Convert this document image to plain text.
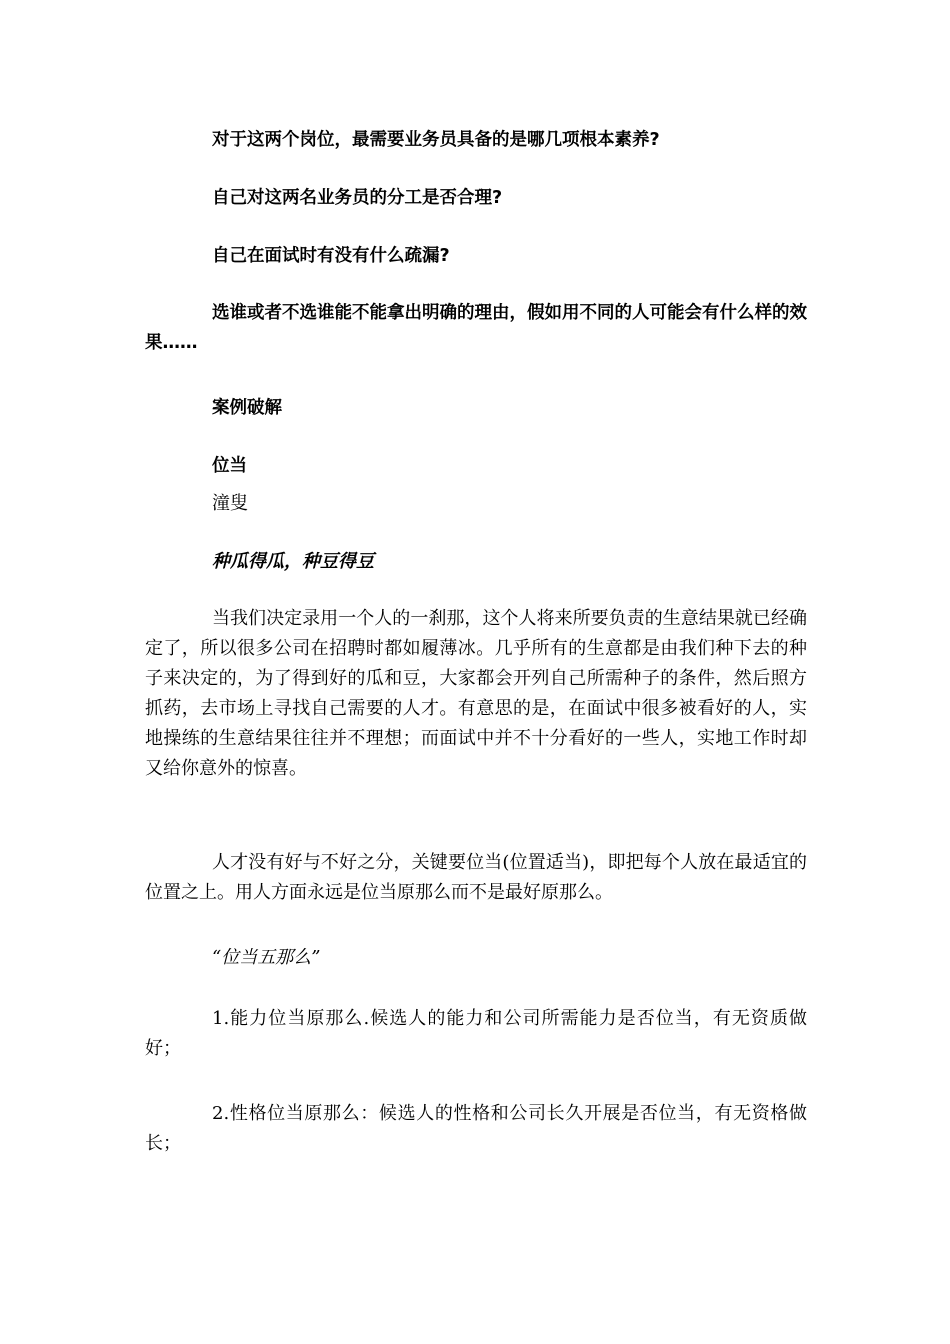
对于这两个岗位，最需要业务员具备的是哪几项根本素养?

自己对这两名业务员的分工是否合理?

自己在面试时有没有什么疏漏?

选谁或者不选谁能不能拿出明确的理由，假如用不同的人可能会有什么样的效果……

案例破解

位当

潼叟

种瓜得瓜，种豆得豆

当我们决定录用一个人的一刹那，这个人将来所要负责的生意结果就已经确定了，所以很多公司在招聘时都如履薄冰。几乎所有的生意都是由我们种下去的种子来决定的，为了得到好的瓜和豆，大家都会开列自己所需种子的条件，然后照方抓药，去市场上寻找自己需要的人才。有意思的是，在面试中很多被看好的人，实地操练的生意结果往往并不理想；而面试中并不十分看好的一些人，实地工作时却又给你意外的惊喜。

人才没有好与不好之分，关键要位当(位置适当)，即把每个人放在最适宜的位置之上。用人方面永远是位当原那么而不是最好原那么。

“位当五那么”

1.能力位当原那么.候选人的能力和公司所需能力是否位当，有无资质做好；

2.性格位当原那么：候选人的性格和公司长久开展是否位当，有无资格做长；
